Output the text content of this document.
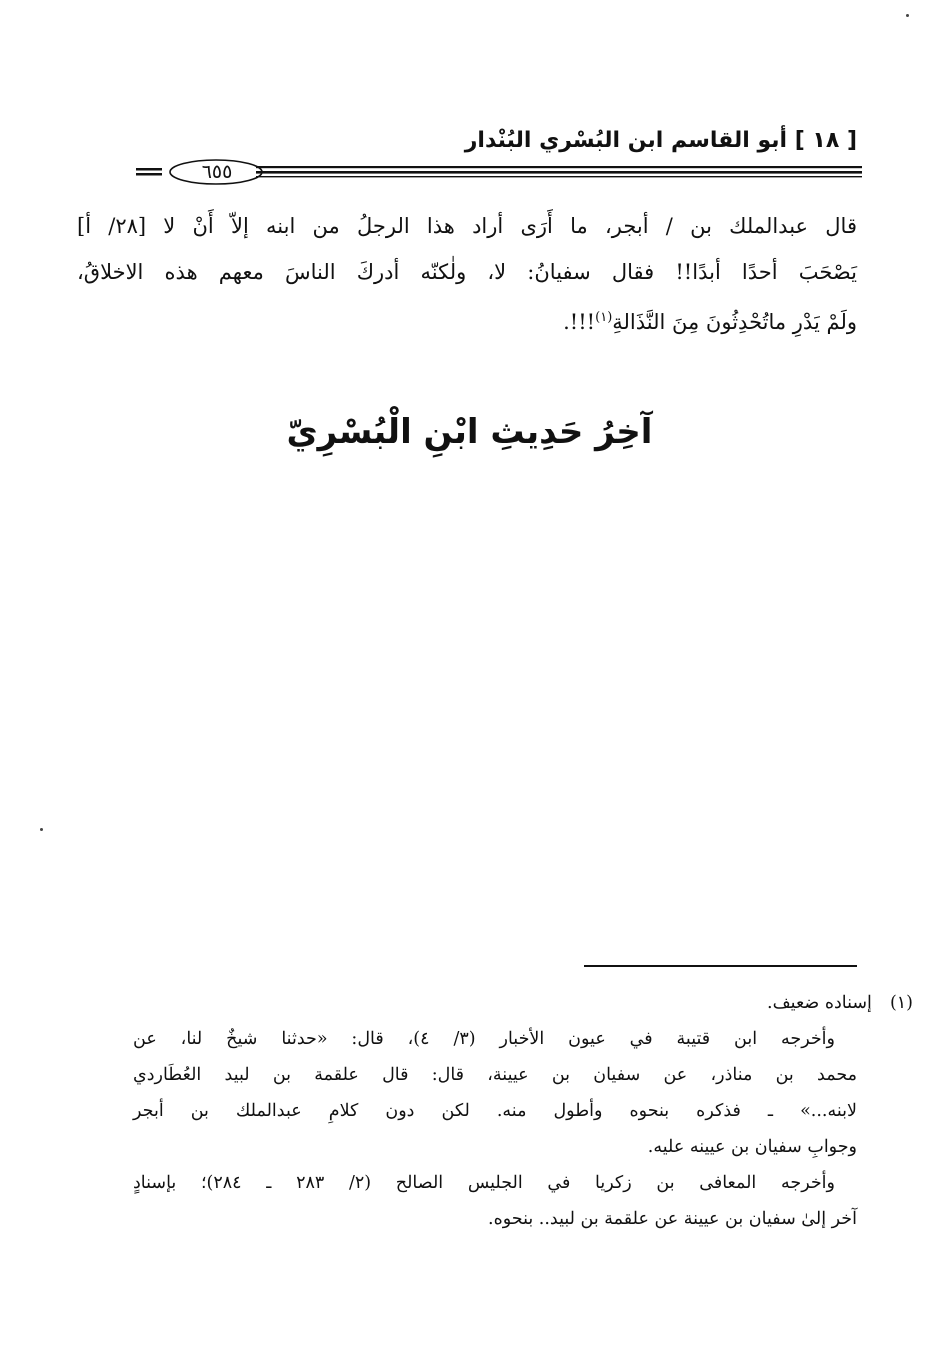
[ ١٨ ] أبو القاسم ابن البُسْري البُنْدار
٦٥٥
قال عبدالملك بن / أبجر، ما أَرَى أراد هذا الرجلُ من ابنه إلاّ أَنْ لا [٢٨/ أ]
يَصْحَبَ أحدًا أبدًا!! فقال سفيانُ: لا، ولٰكنّه أدركَ الناسَ معهم هذه الاخلاقُ،
ولَمْ يَدْرِ ماتُحْدِثُونَ مِنَ النَّذَالةِ$^{(١)}$!!!.
آخِرُ حَدِيثِ ابْنِ الْبُسْرِيّ
(١)إسناده ضعيف.
وأخرجه ابن قتيبة في عيون الأخبار (٣/ ٤)، قال: «حدثنا شيخٌ لنا، عن
محمد بن مناذر، عن سفيان بن عيينة، قال: قال علقمة بن لبيد العُطَاردي
لابنه...» ـ فذكره بنحوه وأطول منه. لكن دون كلامِ عبدالملك بن أبجر
وجوابِ سفيان بن عيينه عليه.
وأخرجه المعافى بن زكريا في الجليس الصالح (٢/ ٢٨٣ ـ ٢٨٤)؛ بإسنادٍ
آخر إلىٰ سفيان بن عيينة عن علقمة بن لبيد.. بنحوه.
